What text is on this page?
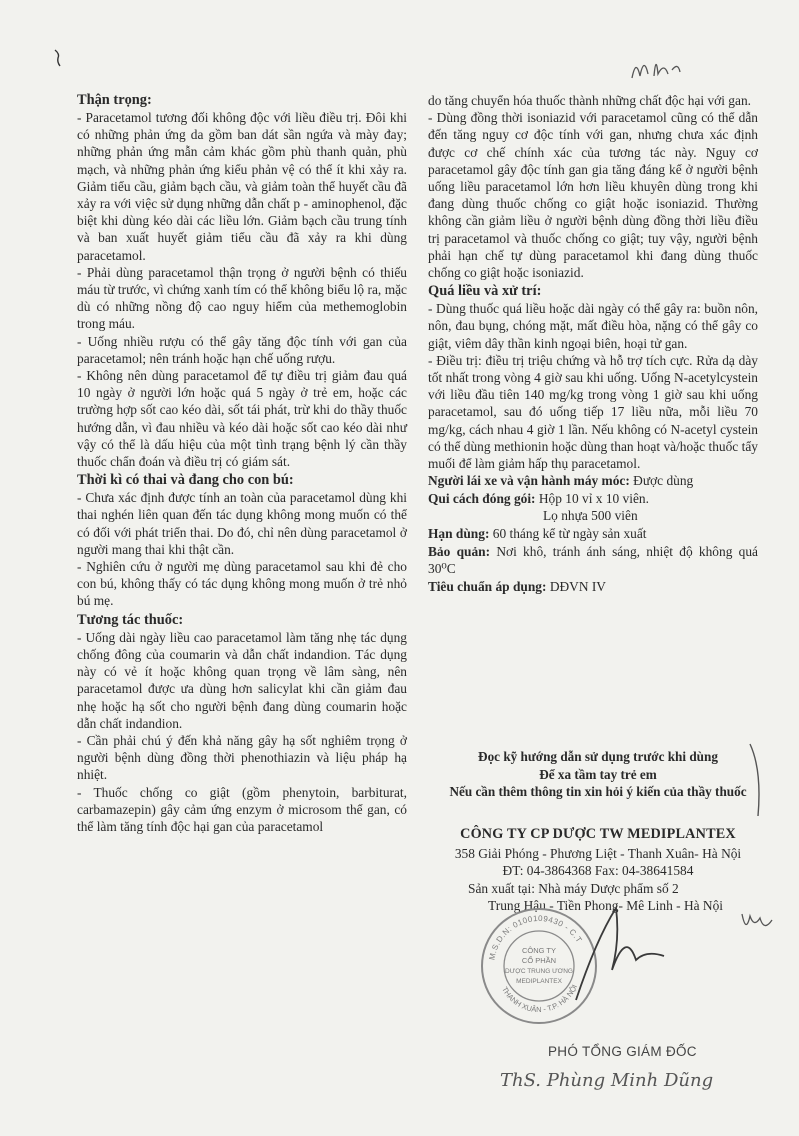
Thận trọng:

- Paracetamol tương đối không độc với liều điều trị. Đôi khi có những phản ứng da gồm ban dát sần ngứa và mày đay; những phản ứng mẫn cảm khác gồm phù thanh quản, phù mạch, và những phản ứng kiểu phản vệ có thể ít khi xảy ra. Giảm tiểu cầu, giảm bạch cầu, và giảm toàn thể huyết cầu đã xảy ra với việc sử dụng những dẫn chất p - aminophenol, đặc biệt khi dùng kéo dài các liều lớn. Giảm bạch cầu trung tính và ban xuất huyết giảm tiểu cầu đã xảy ra khi dùng paracetamol.

- Phải dùng paracetamol thận trọng ở người bệnh có thiếu máu từ trước, vì chứng xanh tím có thể không biểu lộ ra, mặc dù có những nồng độ cao nguy hiểm của methemoglobin trong máu.

- Uống nhiều rượu có thể gây tăng độc tính với gan của paracetamol; nên tránh hoặc hạn chế uống rượu.

- Không nên dùng paracetamol để tự điều trị giảm đau quá 10 ngày ở người lớn hoặc quá 5 ngày ở trẻ em, hoặc các trường hợp sốt cao kéo dài, sốt tái phát, trừ khi do thầy thuốc hướng dẫn, vì đau nhiều và kéo dài hoặc sốt cao kéo dài như vậy có thể là dấu hiệu của một tình trạng bệnh lý cần thầy thuốc chẩn đoán và điều trị có giám sát.

Thời kì có thai và đang cho con bú:

- Chưa xác định được tính an toàn của paracetamol dùng khi thai nghén liên quan đến tác dụng không mong muốn có thể có đối với phát triển thai. Do đó, chỉ nên dùng paracetamol ở người mang thai khi thật cần.

- Nghiên cứu ở người mẹ dùng paracetamol sau khi đẻ cho con bú, không thấy có tác dụng không mong muốn ở trẻ nhỏ bú mẹ.

Tương tác thuốc:

- Uống dài ngày liều cao paracetamol làm tăng nhẹ tác dụng chống đông của coumarin và dẫn chất indandion. Tác dụng này có vẻ ít hoặc không quan trọng về lâm sàng, nên paracetamol được ưa dùng hơn salicylat khi cần giảm đau nhẹ hoặc hạ sốt cho người bệnh đang dùng coumarin hoặc dẫn chất indandion.

- Cần phải chú ý đến khả năng gây hạ sốt nghiêm trọng ở người bệnh dùng đồng thời phenothiazin và liệu pháp hạ nhiệt.

- Thuốc chống co giật (gồm phenytoin, barbiturat, carbamazepin) gây cảm ứng enzym ở microsom thể gan, có thể làm tăng tính độc hại gan của paracetamol

do tăng chuyển hóa thuốc thành những chất độc hại với gan.

- Dùng đồng thời isoniazid với paracetamol cũng có thể dẫn đến tăng nguy cơ độc tính với gan, nhưng chưa xác định được cơ chế chính xác của tương tác này. Nguy cơ paracetamol gây độc tính gan gia tăng đáng kể ở người bệnh uống liều paracetamol lớn hơn liều khuyên dùng trong khi đang dùng thuốc chống co giật hoặc isoniazid. Thường không cần giảm liều ở người bệnh dùng đồng thời liều điều trị paracetamol và thuốc chống co giật; tuy vậy, người bệnh phải hạn chế tự dùng paracetamol khi đang dùng thuốc chống co giật hoặc isoniazid.

Quá liều và xử trí:

- Dùng thuốc quá liều hoặc dài ngày có thể gây ra: buồn nôn, nôn, đau bụng, chóng mặt, mất điều hòa, nặng có thể gây co giật, viêm dây thần kinh ngoại biên, hoại tử gan.

- Điều trị: điều trị triệu chứng và hỗ trợ tích cực. Rửa dạ dày tốt nhất trong vòng 4 giờ sau khi uống. Uống N-acetylcystein với liều đầu tiên 140 mg/kg trong vòng 1 giờ sau khi uống paracetamol, sau đó uống tiếp 17 liều nữa, mỗi liều 70 mg/kg, cách nhau 4 giờ 1 lần. Nếu không có N-acetyl cystein có thể dùng methionin hoặc dùng than hoạt và/hoặc thuốc tẩy muối để làm giảm hấp thụ paracetamol.

Người lái xe và vận hành máy móc: Được dùng

Qui cách đóng gói: Hộp 10 vỉ x 10 viên.

Lọ nhựa 500 viên

Hạn dùng: 60 tháng kể từ ngày sản xuất

Bảo quản: Nơi khô, tránh ánh sáng, nhiệt độ không quá 30⁰C

Tiêu chuẩn áp dụng: DĐVN IV

Đọc kỹ hướng dẫn sử dụng trước khi dùng

Để xa tầm tay trẻ em

Nếu cần thêm thông tin xin hỏi ý kiến của thầy thuốc

CÔNG TY CP DƯỢC TW MEDIPLANTEX

358 Giải Phóng - Phương Liệt - Thanh Xuân- Hà Nội

ĐT: 04-3864368 Fax: 04-38641584

Sản xuất tại: Nhà máy Dược phẩm số 2

Trung Hậu - Tiền Phong- Mê Linh - Hà Nội

M.S.D.N: 0100109430 - C.T
THANH XUÂN - T.P. HÀ NỘI
CÔNG TY
CỔ PHẦN
DƯỢC TRUNG ƯƠNG
MEDIPLANTEX
PHÓ TỔNG GIÁM ĐỐC
ThS. Phùng Minh Dũng
